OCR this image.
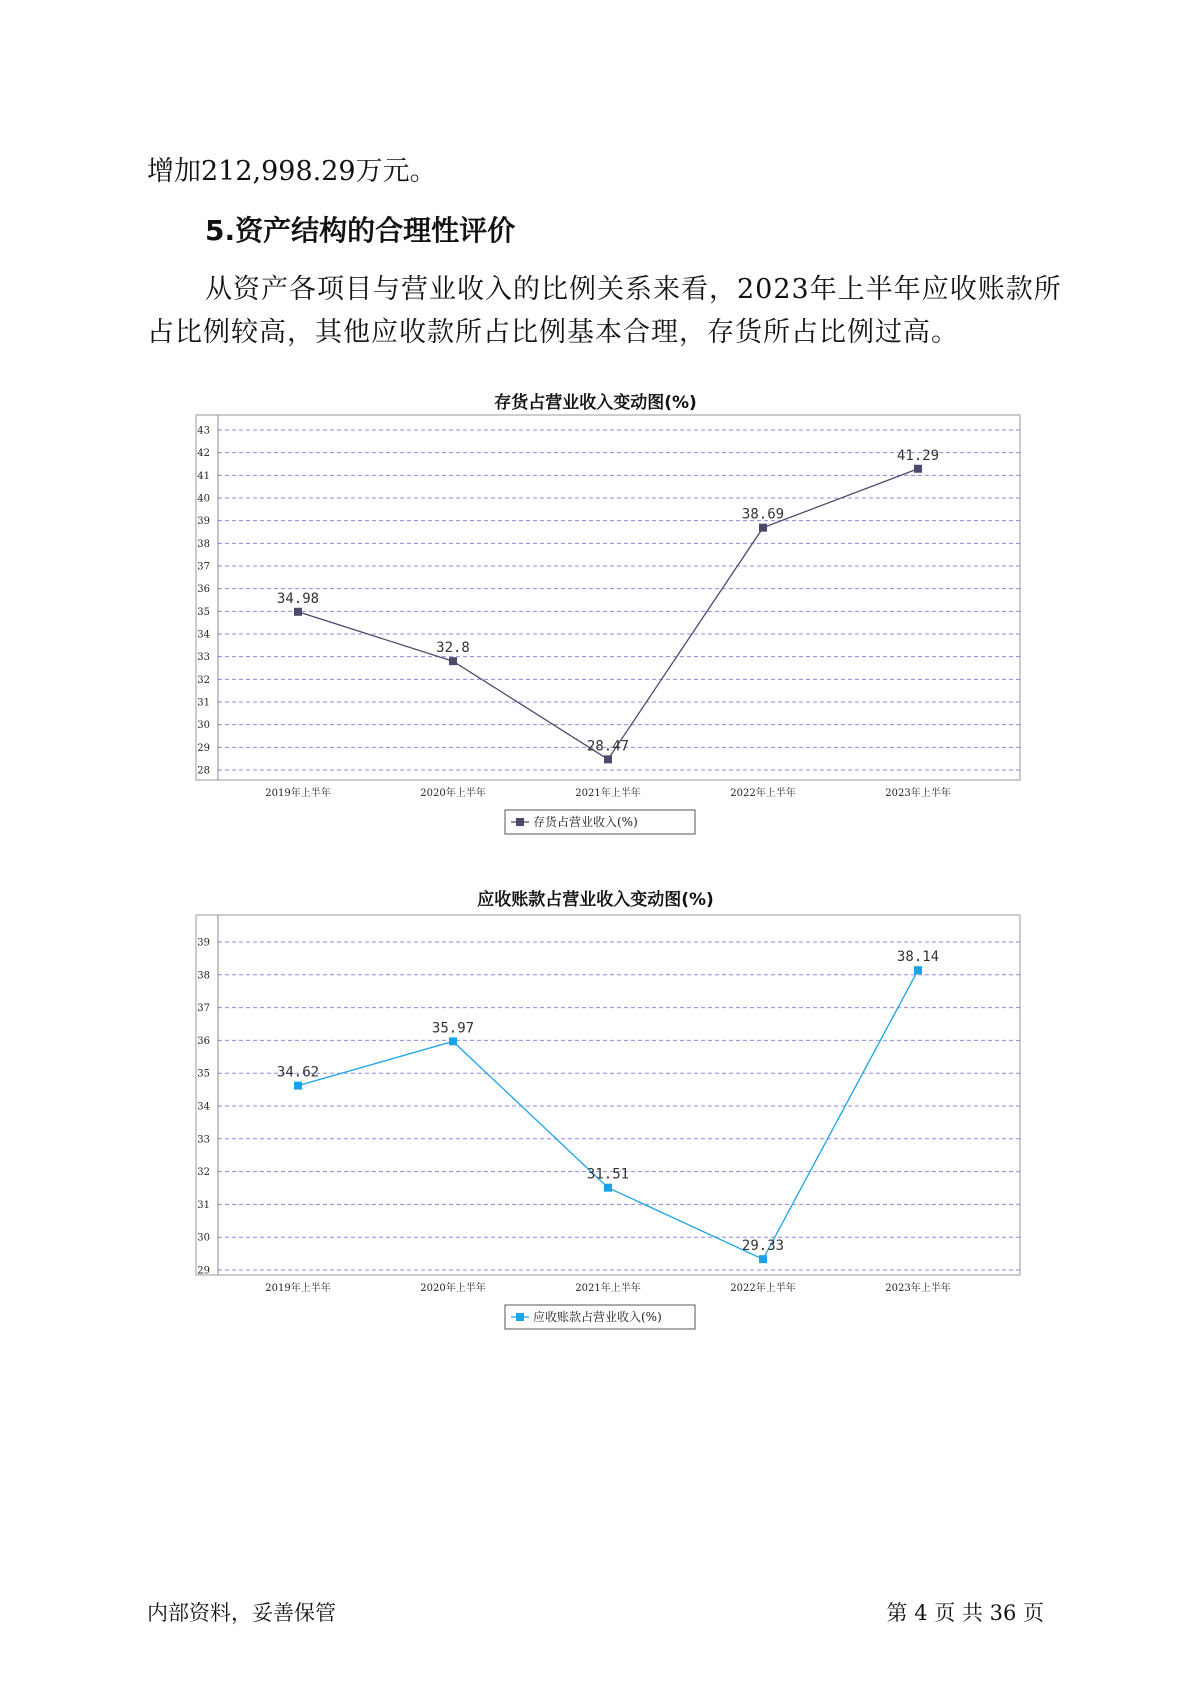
增加212,998.29万元。
5.资产结构的合理性评价
从资产各项目与营业收入的比例关系来看，2023年上半年应收账款所
占比例较高，其他应收款所占比例基本合理，存货所占比例过高。
存货占营业收入变动图(%)
28
29
30
31
32
33
34
35
36
37
38
39
40
41
42
43
2019年上半年	2020年上半年	2021年上半年	2022年上半年	2023年上半年
34.98
32.8
28.47
38.69
41.29
存货占营业收入(%)
应收账款占营业收入变动图(%)
29
30
31
32
33
34
35
36
37
38
39
2019年上半年	2020年上半年	2021年上半年	2022年上半年	2023年上半年
34.62
35.97
31.51
29.33
38.14
应收账款占营业收入(%)
内部资料，妥善保管	第 4 页 共 36 页
